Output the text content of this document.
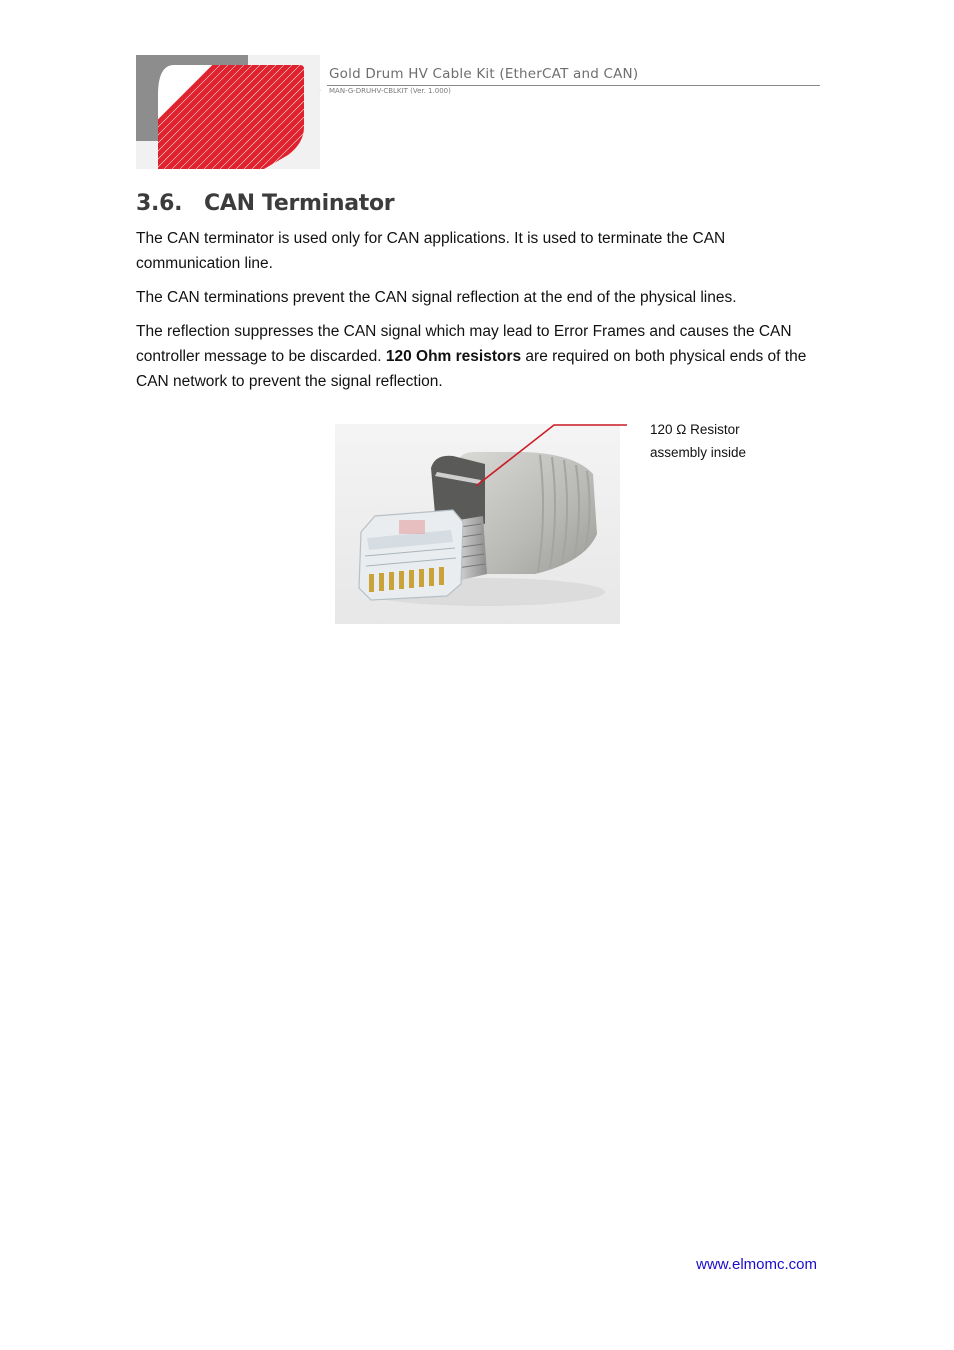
Gold Drum HV Cable Kit (EtherCAT and CAN)
· MAN-G-DRUHV-CBLKIT (Ver. 1.000)
3.6. CAN Terminator

The CAN terminator is used only for CAN applications. It is used to terminate the CAN communication line.

The CAN terminations prevent the CAN signal reflection at the end of the physical lines.

The reflection suppresses the CAN signal which may lead to Error Frames and causes the CAN controller message to be discarded. 120 Ohm resistors are required on both physical ends of the CAN network to prevent the signal reflection.

120 Ω Resistor
assembly inside
www.elmomc.com
